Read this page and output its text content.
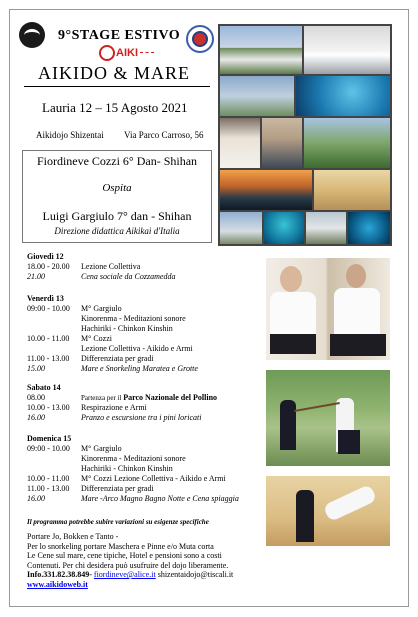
9°STAGE ESTIVO
AIKI
AIKIDO & MARE
Lauria 12 – 15 Agosto 2021
Aikidojo Shizentai Via Parco Carroso, 56
Fiordineve Cozzi 6° Dan- Shihan
Ospita
Luigi Gargiulo 7° dan - Shihan
Direzione didattica Aikikai d'Italia
Giovedì 12
18.00 - 20.00 Lezione Collettiva
21.00	Cena sociale da Cozzamedda
Venerdì 13
09:00 - 10.00 M° Gargiulo
Kinorenma - Meditazioni sonore
Hachiriki - Chinkon Kinshin
10.00 - 11.00 M° Cozzi
Lezione Collettiva - Aikido e Armi
11.00 - 13.00 Differenziata per gradi
15.00	Mare e Snorkeling Maratea e Grotte
Sabato 14
08.00	Partenza per il Parco Nazionale del Pollino
10.00 - 13.00 Respirazione e Armi
16.00	Pranzo e escursione tra i pini loricati
Domenica 15
09:00 - 10.00 M° Gargiulo
Kinorenma - Meditazioni sonore
Hachiriki - Chinkon Kinshin
10.00 - 11.00 M° Cozzi Lezione Collettiva - Aikido e Armi
11.00 - 13.00 Differenziata per gradi
16.00	Mare -Arco Magno Bagno Notte e Cena spiaggia
Il programma potrebbe subire variazioni su esigenze specifiche
Portare Jo, Bokken e Tanto -
Per lo snorkeling portare Maschera e Pinne e/o Muta corta
Le Cene sul mare, cene tipiche, Hotel e pensioni sono a costi
Contenuti. Per chi desidera può usufruire del dojo liberamente.
Info.331.82.38.849- fiordineve@alice.it shizentaidojo@tiscali.it
www.aikidoweb.it
